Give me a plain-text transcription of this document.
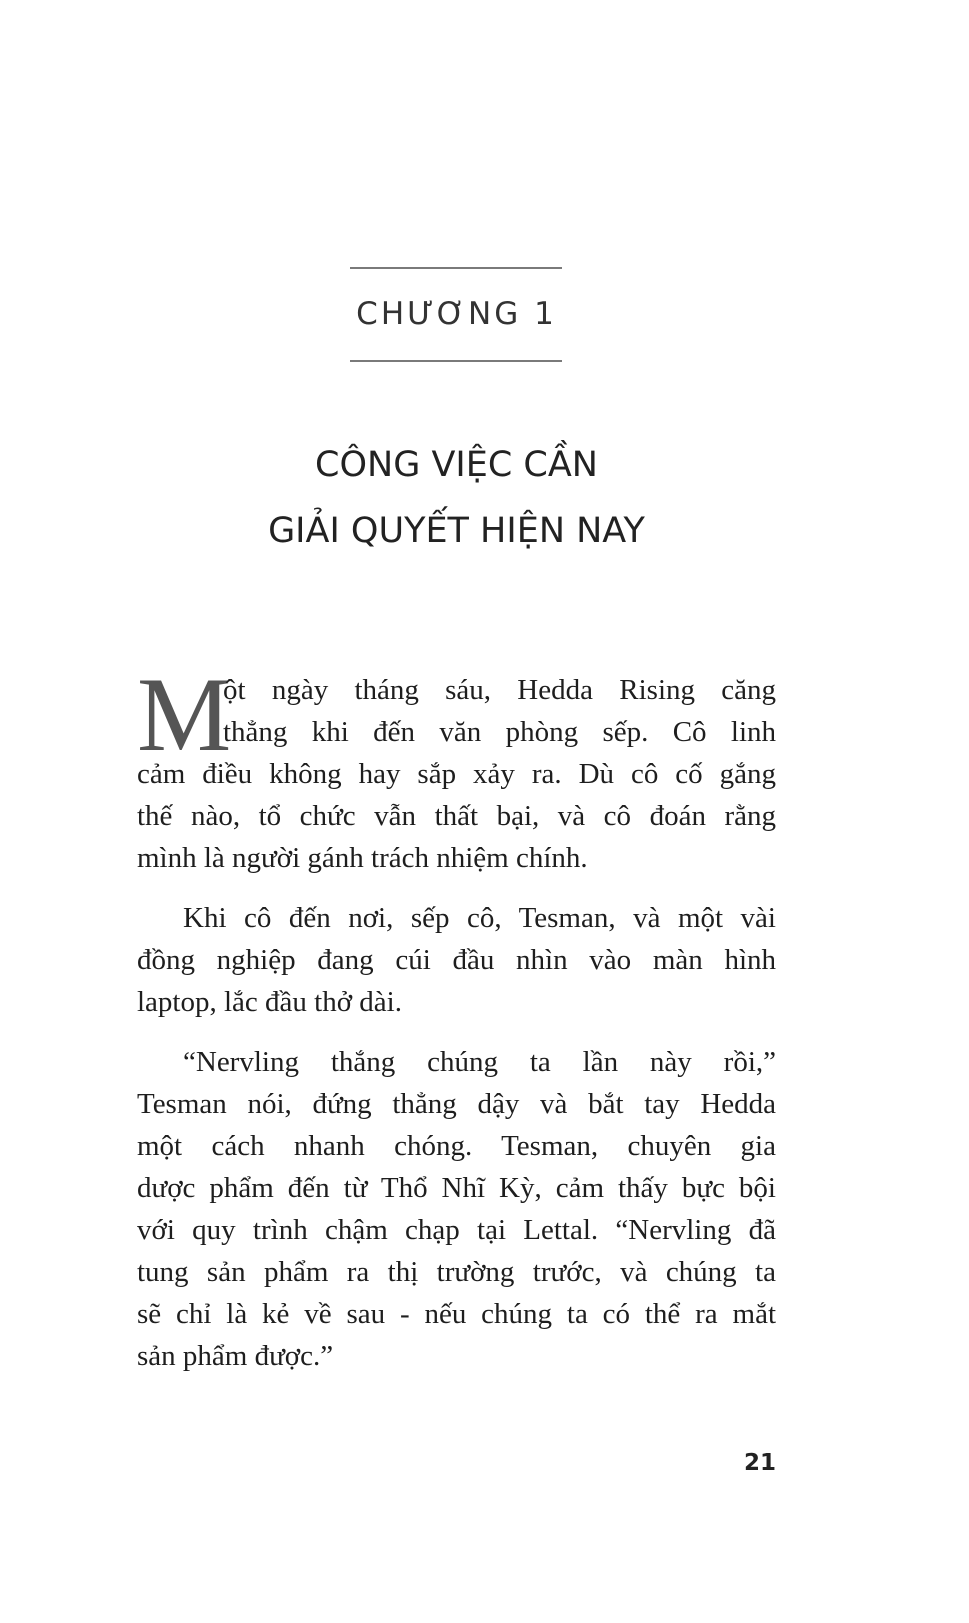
CHƯƠNG 1
CÔNG VIỆC CẦN
GIẢI QUYẾT HIỆN NAY
M
ột ngày tháng sáu, Hedda Rising căng
thẳng khi đến văn phòng sếp. Cô linh
cảm điều không hay sắp xảy ra. Dù cô cố gắng
thế nào, tổ chức vẫn thất bại, và cô đoán rằng
mình là người gánh trách nhiệm chính.
Khi cô đến nơi, sếp cô, Tesman, và một vài
đồng nghiệp đang cúi đầu nhìn vào màn hình
laptop, lắc đầu thở dài.
“Nervling thắng chúng ta lần này rồi,”
Tesman nói, đứng thẳng dậy và bắt tay Hedda
một cách nhanh chóng. Tesman, chuyên gia
dược phẩm đến từ Thổ Nhĩ Kỳ, cảm thấy bực bội
với quy trình chậm chạp tại Lettal. “Nervling đã
tung sản phẩm ra thị trường trước, và chúng ta
sẽ chỉ là kẻ về sau - nếu chúng ta có thể ra mắt
sản phẩm được.”
21
